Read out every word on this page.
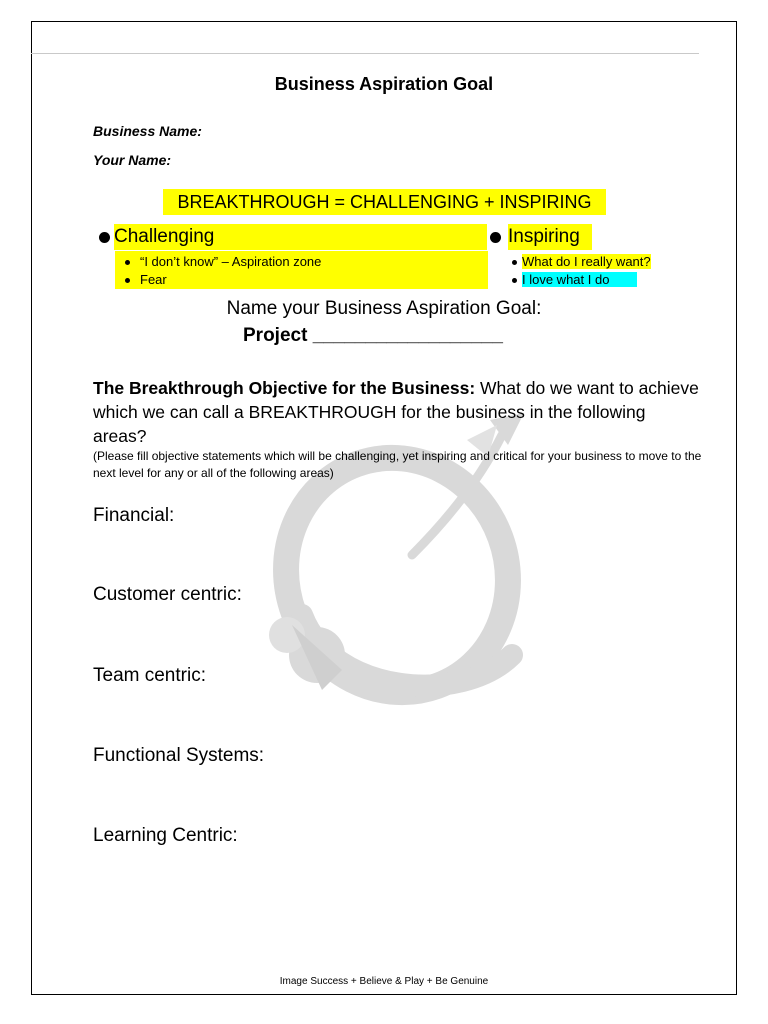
Business Aspiration Goal
Business Name:
Your Name:
BREAKTHROUGH = CHALLENGING + INSPIRING
Challenging
“I don’t know” – Aspiration zone
Fear
Inspiring
What do I really want?
I love what I do
Name your Business Aspiration Goal:
Project __________________
The Breakthrough Objective for the Business: What do we want to achieve which we can call a BREAKTHROUGH for the business in the following areas?
(Please fill objective statements which will be challenging, yet inspiring and critical for your business to move to the next level for any or all of the following areas)
Financial:
Customer centric:
Team centric:
Functional Systems:
Learning Centric:
Image Success + Believe & Play + Be Genuine
